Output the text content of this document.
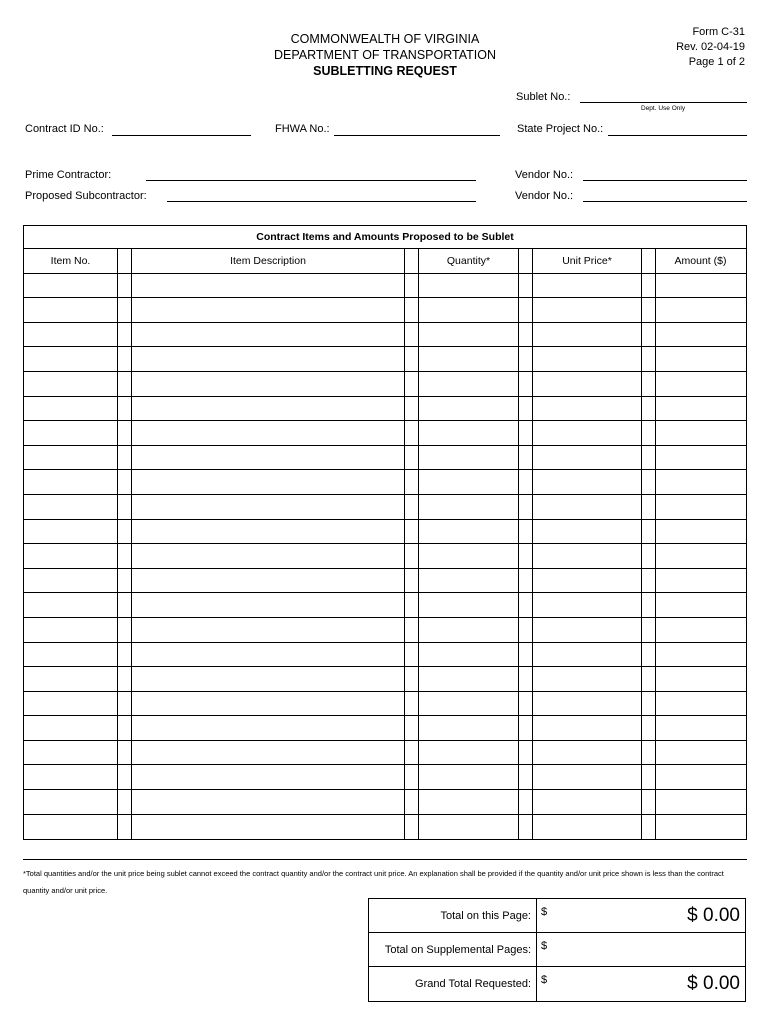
COMMONWEALTH OF VIRGINIA
DEPARTMENT OF TRANSPORTATION
SUBLETTING REQUEST
Form C-31
Rev. 02-04-19
Page 1 of 2
Sublet No.:
Dept. Use Only
Contract ID No.:	FHWA No.:	State Project No.:
Prime Contractor:	Vendor No.:
Proposed Subcontractor:	Vendor No.:
Contract Items and Amounts Proposed to be Sublet
Item No.	Item Description	Quantity*	Unit Price*	Amount ($)
*Total quantities and/or the unit price being sublet cannot exceed the contract quantity and/or the contract unit price. An explanation shall be provided if the quantity and/or unit price shown is less than the contract quantity and/or unit price.
Total on this Page: $	$ 0.00
Total on Supplemental Pages: $
Grand Total Requested: $	$ 0.00
